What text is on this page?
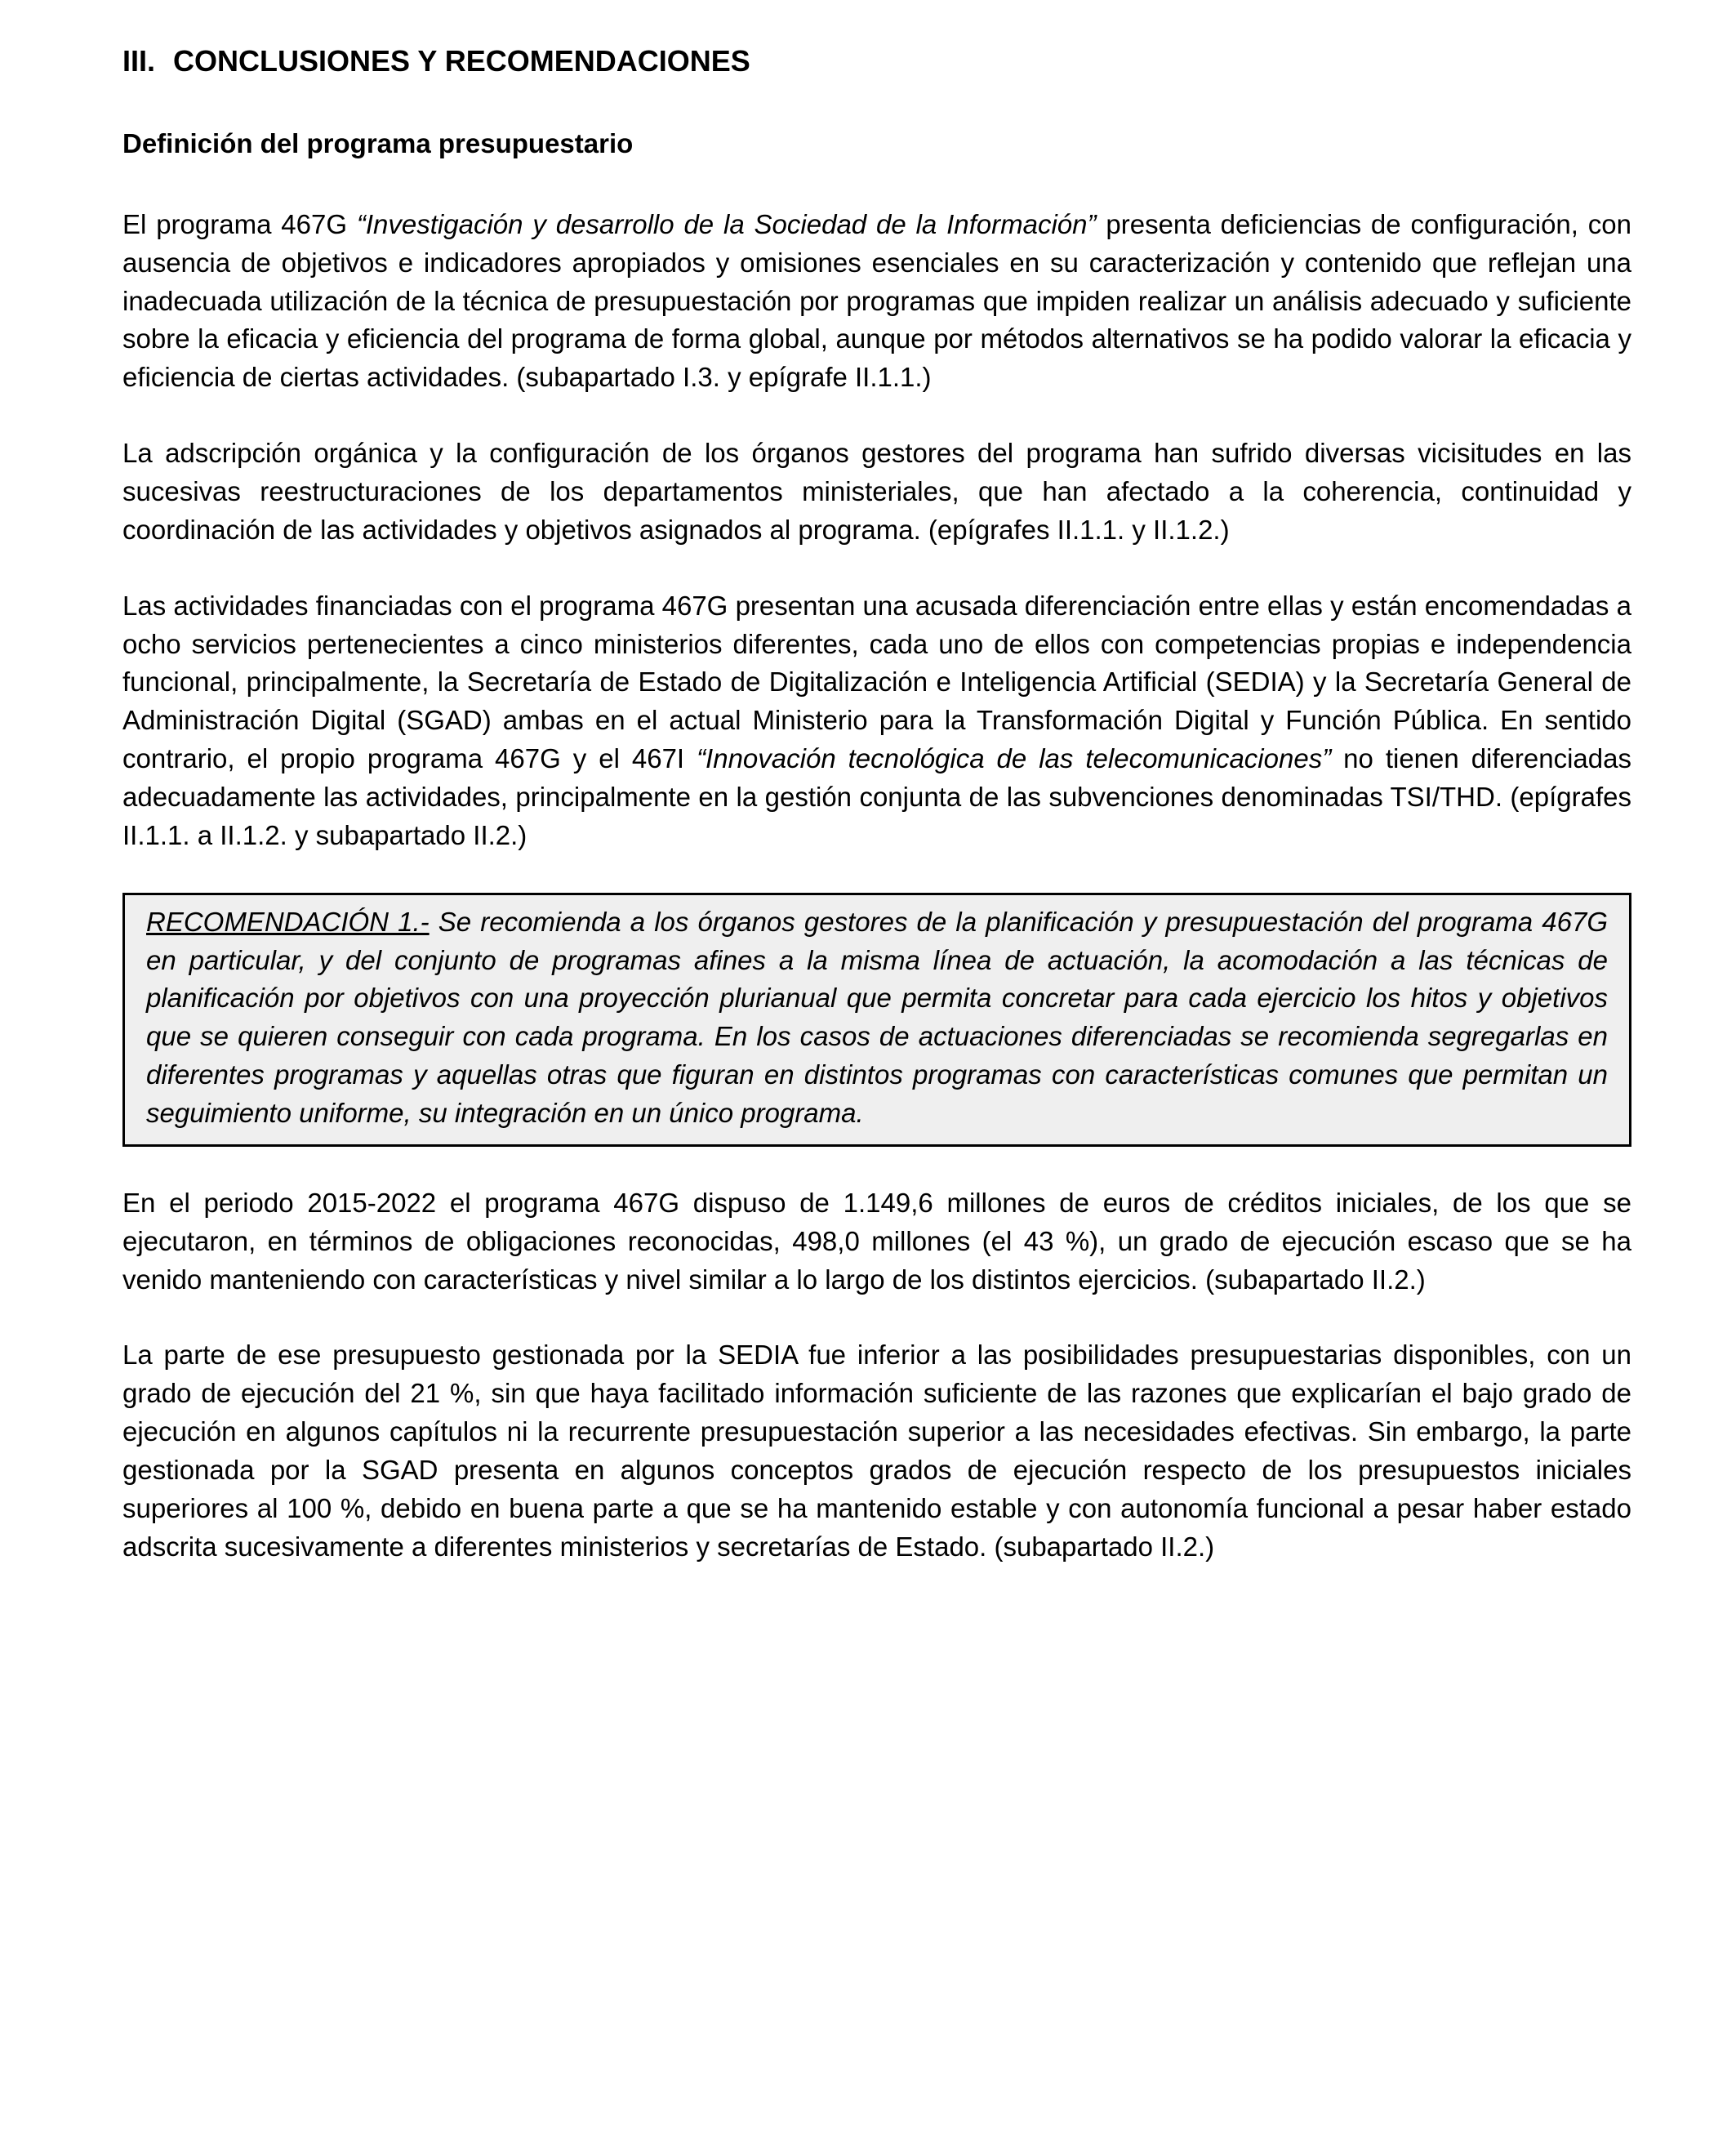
III. CONCLUSIONES Y RECOMENDACIONES
Definición del programa presupuestario

El programa 467G “Investigación y desarrollo de la Sociedad de la Información” presenta deficiencias de configuración, con ausencia de objetivos e indicadores apropiados y omisiones esenciales en su caracterización y contenido que reflejan una inadecuada utilización de la técnica de presupuestación por programas que impiden realizar un análisis adecuado y suficiente sobre la eficacia y eficiencia del programa de forma global, aunque por métodos alternativos se ha podido valorar la eficacia y eficiencia de ciertas actividades. (subapartado I.3. y epígrafe II.1.1.)

La adscripción orgánica y la configuración de los órganos gestores del programa han sufrido diversas vicisitudes en las sucesivas reestructuraciones de los departamentos ministeriales, que han afectado a la coherencia, continuidad y coordinación de las actividades y objetivos asignados al programa. (epígrafes II.1.1. y II.1.2.)

Las actividades financiadas con el programa 467G presentan una acusada diferenciación entre ellas y están encomendadas a ocho servicios pertenecientes a cinco ministerios diferentes, cada uno de ellos con competencias propias e independencia funcional, principalmente, la Secretaría de Estado de Digitalización e Inteligencia Artificial (SEDIA) y la Secretaría General de Administración Digital (SGAD) ambas en el actual Ministerio para la Transformación Digital y Función Pública. En sentido contrario, el propio programa 467G y el 467I “Innovación tecnológica de las telecomunicaciones” no tienen diferenciadas adecuadamente las actividades, principalmente en la gestión conjunta de las subvenciones denominadas TSI/THD. (epígrafes II.1.1. a II.1.2. y subapartado II.2.)

RECOMENDACIÓN 1.- Se recomienda a los órganos gestores de la planificación y presupuestación del programa 467G en particular, y del conjunto de programas afines a la misma línea de actuación, la acomodación a las técnicas de planificación por objetivos con una proyección plurianual que permita concretar para cada ejercicio los hitos y objetivos que se quieren conseguir con cada programa. En los casos de actuaciones diferenciadas se recomienda segregarlas en diferentes programas y aquellas otras que figuran en distintos programas con características comunes que permitan un seguimiento uniforme, su integración en un único programa.

En el periodo 2015-2022 el programa 467G dispuso de 1.149,6 millones de euros de créditos iniciales, de los que se ejecutaron, en términos de obligaciones reconocidas, 498,0 millones (el 43 %), un grado de ejecución escaso que se ha venido manteniendo con características y nivel similar a lo largo de los distintos ejercicios. (subapartado II.2.)

La parte de ese presupuesto gestionada por la SEDIA fue inferior a las posibilidades presupuestarias disponibles, con un grado de ejecución del 21 %, sin que haya facilitado información suficiente de las razones que explicarían el bajo grado de ejecución en algunos capítulos ni la recurrente presupuestación superior a las necesidades efectivas. Sin embargo, la parte gestionada por la SGAD presenta en algunos conceptos grados de ejecución respecto de los presupuestos iniciales superiores al 100 %, debido en buena parte a que se ha mantenido estable y con autonomía funcional a pesar haber estado adscrita sucesivamente a diferentes ministerios y secretarías de Estado. (subapartado II.2.)
